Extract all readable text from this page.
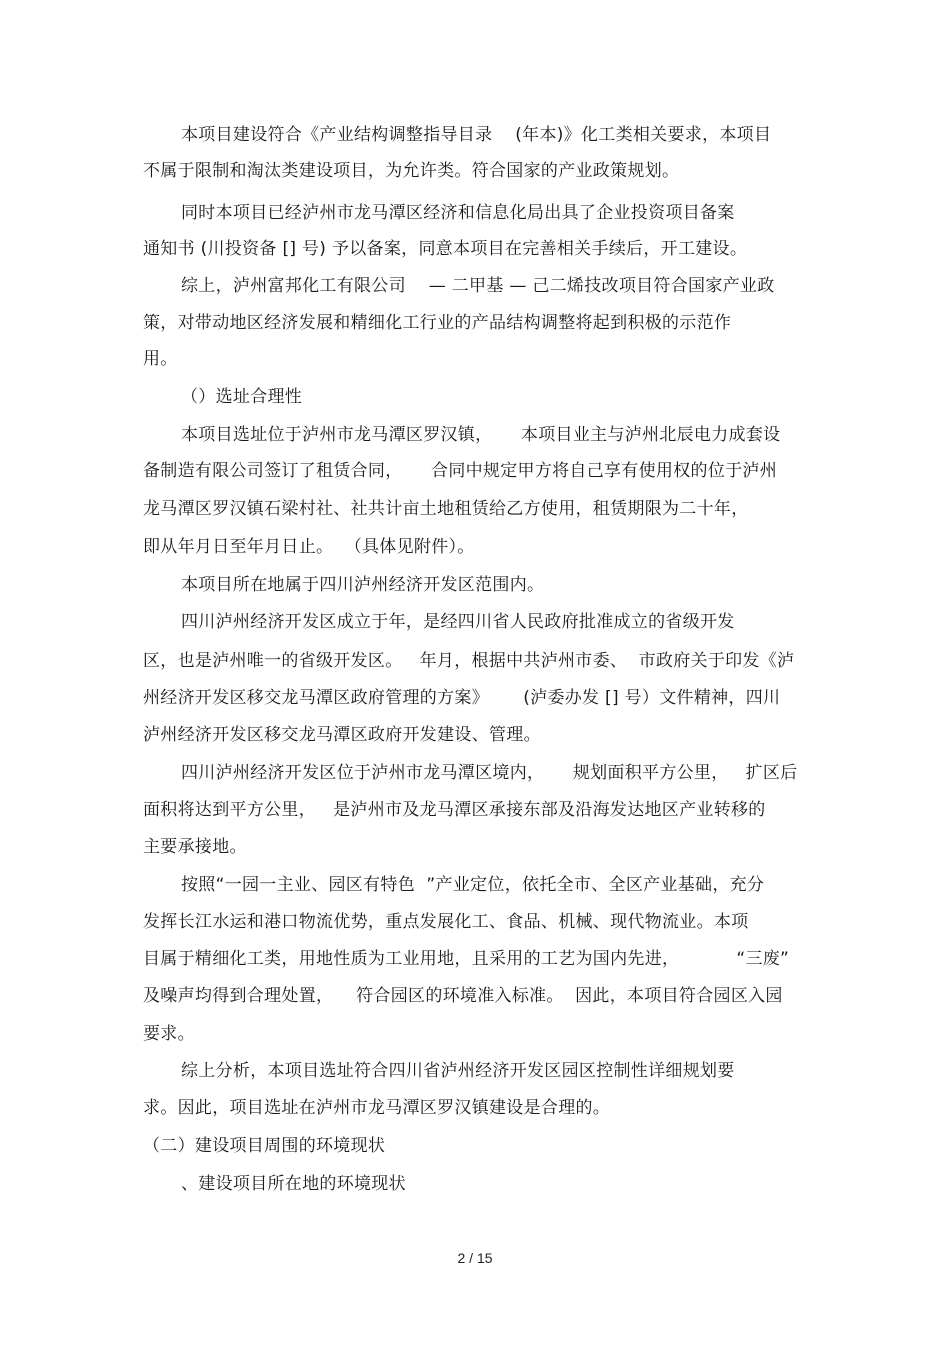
本项目建设符合《产业结构调整指导目录    (年本)》化工类相关要求，本项目
不属于限制和淘汰类建设项目，为允许类。符合国家的产业政策规划。
同时本项目已经泸州市龙马潭区经济和信息化局出具了企业投资项目备案
通知书 (川投资备 [] 号) 予以备案，同意本项目在完善相关手续后，开工建设。
综上，泸州富邦化工有限公司    — 二甲基 — 己二烯技改项目符合国家产业政
策，对带动地区经济发展和精细化工行业的产品结构调整将起到积极的示范作
用。
（）选址合理性
本项目选址位于泸州市龙马潭区罗汉镇，     本项目业主与泸州北辰电力成套设
备制造有限公司签订了租赁合同，     合同中规定甲方将自己享有使用权的位于泸州
龙马潭区罗汉镇石梁村社、社共计亩土地租赁给乙方使用，租赁期限为二十年，
即从年月日至年月日止。  （具体见附件）。
本项目所在地属于四川泸州经济开发区范围内。
四川泸州经济开发区成立于年，是经四川省人民政府批准成立的省级开发
区，也是泸州唯一的省级开发区。   年月，根据中共泸州市委、  市政府关于印发《泸
州经济开发区移交龙马潭区政府管理的方案》      (泸委办发 [] 号）文件精神，四川
泸州经济开发区移交龙马潭区政府开发建设、管理。
四川泸州经济开发区位于泸州市龙马潭区境内，     规划面积平方公里，   扩区后
面积将达到平方公里，   是泸州市及龙马潭区承接东部及沿海发达地区产业转移的
主要承接地。
按照“一园一主业、园区有特色  ”产业定位，依托全市、全区产业基础，充分
发挥长江水运和港口物流优势，重点发展化工、食品、机械、现代物流业。本项
目属于精细化工类，用地性质为工业用地，且采用的工艺为国内先进，          “三废”
及噪声均得到合理处置，    符合园区的环境准入标准。  因此，本项目符合园区入园
要求。
综上分析，本项目选址符合四川省泸州经济开发区园区控制性详细规划要
求。因此，项目选址在泸州市龙马潭区罗汉镇建设是合理的。
（二）建设项目周围的环境现状
、建设项目所在地的环境现状
2 / 15
